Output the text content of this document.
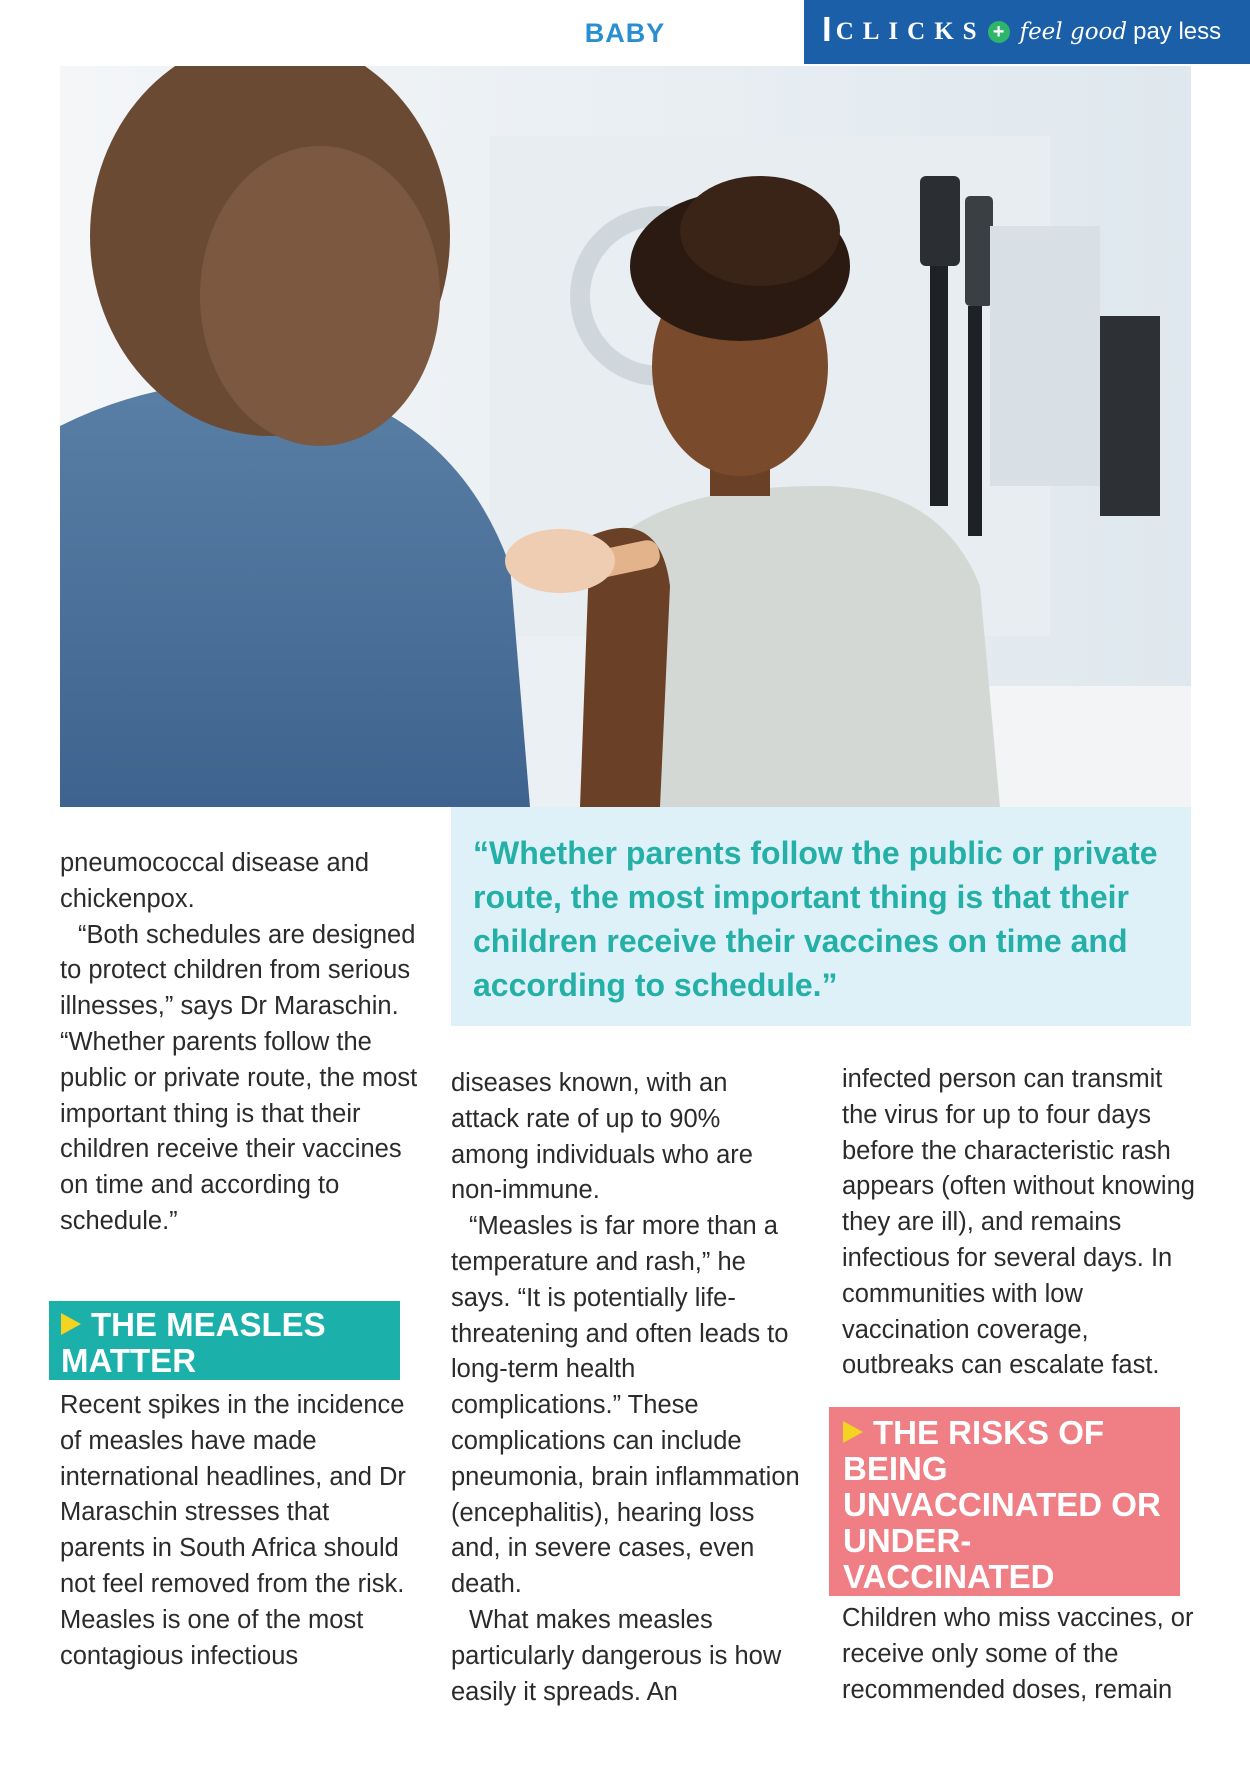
BABY	ꟾ CLICKS + feel good pay less

pneumococcal disease and chickenpox.

“Both schedules are designed to protect children from serious illnesses,” says Dr Maraschin. “Whether parents follow the public or private route, the most important thing is that their children receive their vaccines on time and according to schedule.”

THE MEASLES MATTER

Recent spikes in the incidence of measles have made international headlines, and Dr Maraschin stresses that parents in South Africa should not feel removed from the risk. Measles is one of the most contagious infectious

“Whether parents follow the public or private route, the most important thing is that their children receive their vaccines on time and according to schedule.”

diseases known, with an attack rate of up to 90% among individuals who are non-immune.

“Measles is far more than a temperature and rash,” he says. “It is potentially life-threatening and often leads to long-term health complications.” These complications can include pneumonia, brain inflammation (encephalitis), hearing loss and, in severe cases, even death.

What makes measles particularly dangerous is how easily it spreads. An

infected person can transmit the virus for up to four days before the characteristic rash appears (often without knowing they are ill), and remains infectious for several days. In communities with low vaccination coverage, outbreaks can escalate fast.

THE RISKS OF BEING UNVACCINATED OR UNDER-VACCINATED

Children who miss vaccines, or receive only some of the recommended doses, remain
